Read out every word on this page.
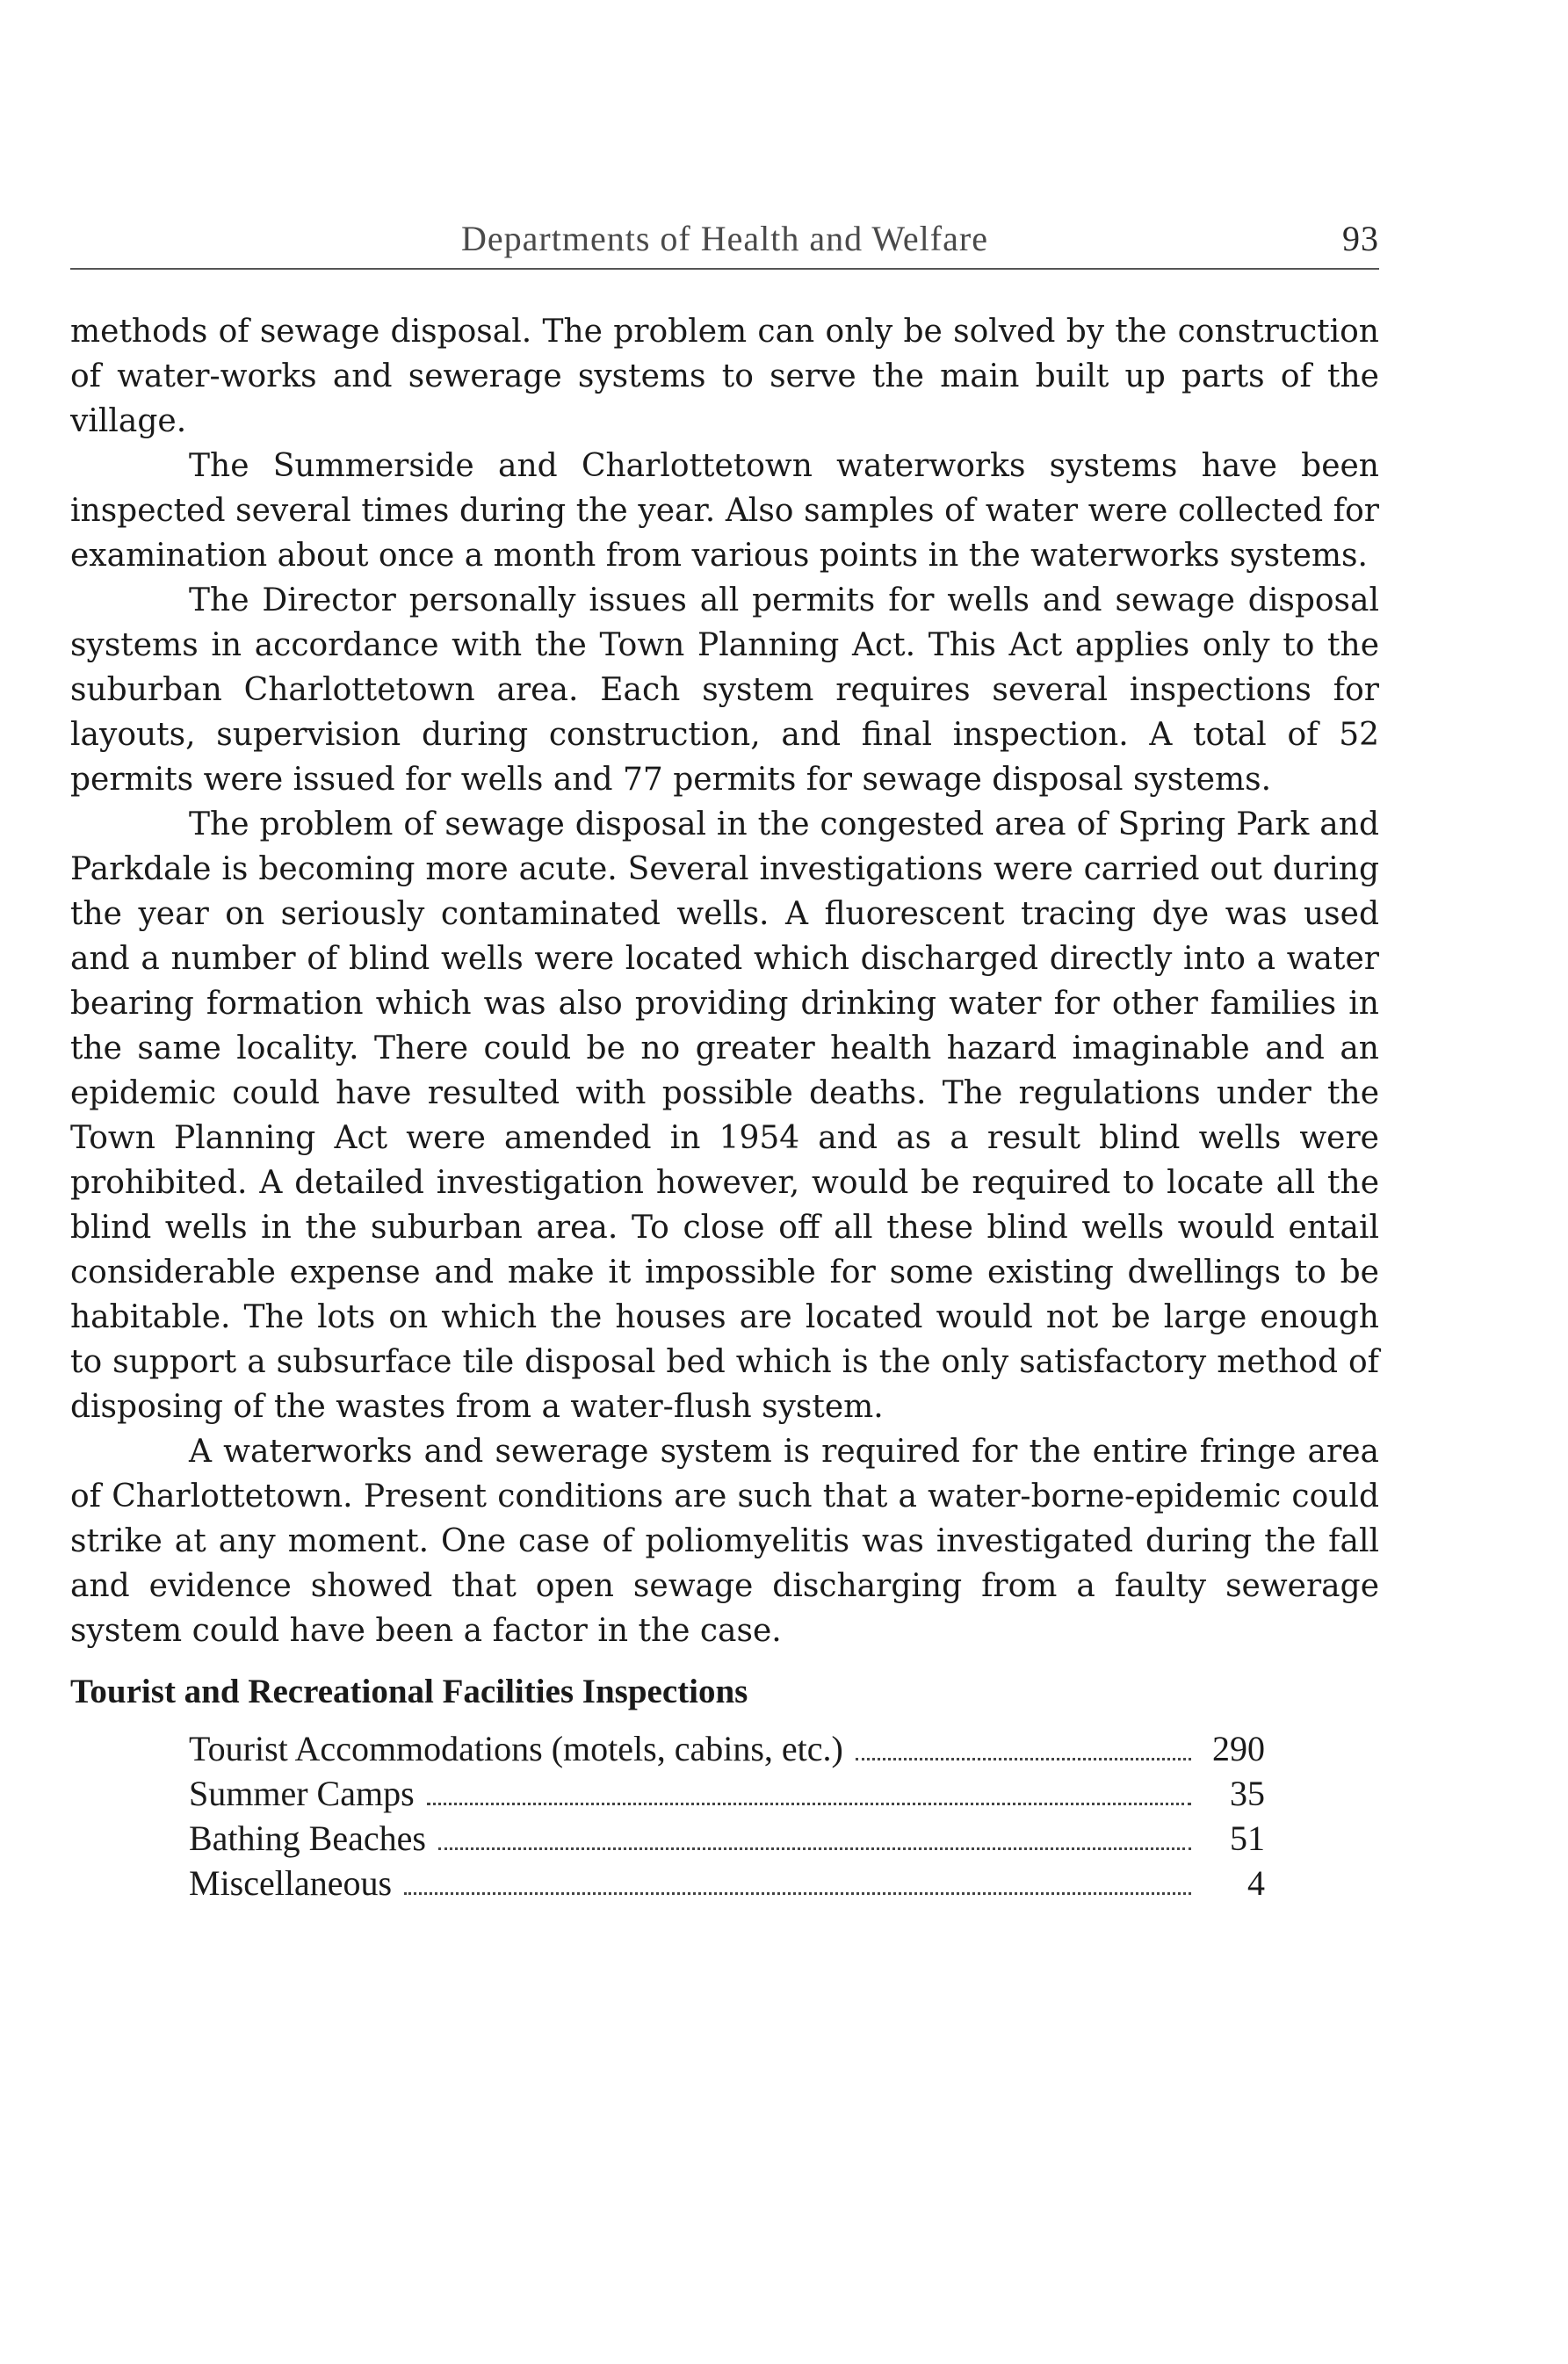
Departments of Health and Welfare	93

methods of sewage disposal. The problem can only be solved by the construction of water-works and sewerage systems to serve the main built up parts of the village.

The Summerside and Charlottetown waterworks systems have been inspected several times during the year. Also samples of water were collected for examination about once a month from various points in the waterworks systems.

The Director personally issues all permits for wells and sewage disposal systems in accordance with the Town Planning Act. This Act applies only to the suburban Charlottetown area. Each system requires several inspections for layouts, supervision during construction, and final inspection. A total of 52 permits were issued for wells and 77 permits for sewage disposal systems.

The problem of sewage disposal in the congested area of Spring Park and Parkdale is becoming more acute. Several investigations were carried out during the year on seriously contaminated wells. A fluorescent tracing dye was used and a number of blind wells were located which discharged directly into a water bearing formation which was also providing drinking water for other families in the same locality. There could be no greater health hazard imaginable and an epidemic could have resulted with possible deaths. The regulations under the Town Planning Act were amended in 1954 and as a result blind wells were prohibited. A detailed investigation however, would be required to locate all the blind wells in the suburban area. To close off all these blind wells would entail considerable expense and make it impossible for some existing dwellings to be habitable. The lots on which the houses are located would not be large enough to support a subsurface tile disposal bed which is the only satisfactory method of disposing of the wastes from a water-flush system.

A waterworks and sewerage system is required for the entire fringe area of Charlottetown. Present conditions are such that a water-borne-epidemic could strike at any moment. One case of poliomyelitis was investigated during the fall and evidence showed that open sewage discharging from a faulty sewerage system could have been a factor in the case.

Tourist and Recreational Facilities Inspections
Tourist Accommodations (motels, cabins, etc.)	290
Summer Camps	35
Bathing Beaches	51
Miscellaneous	4
